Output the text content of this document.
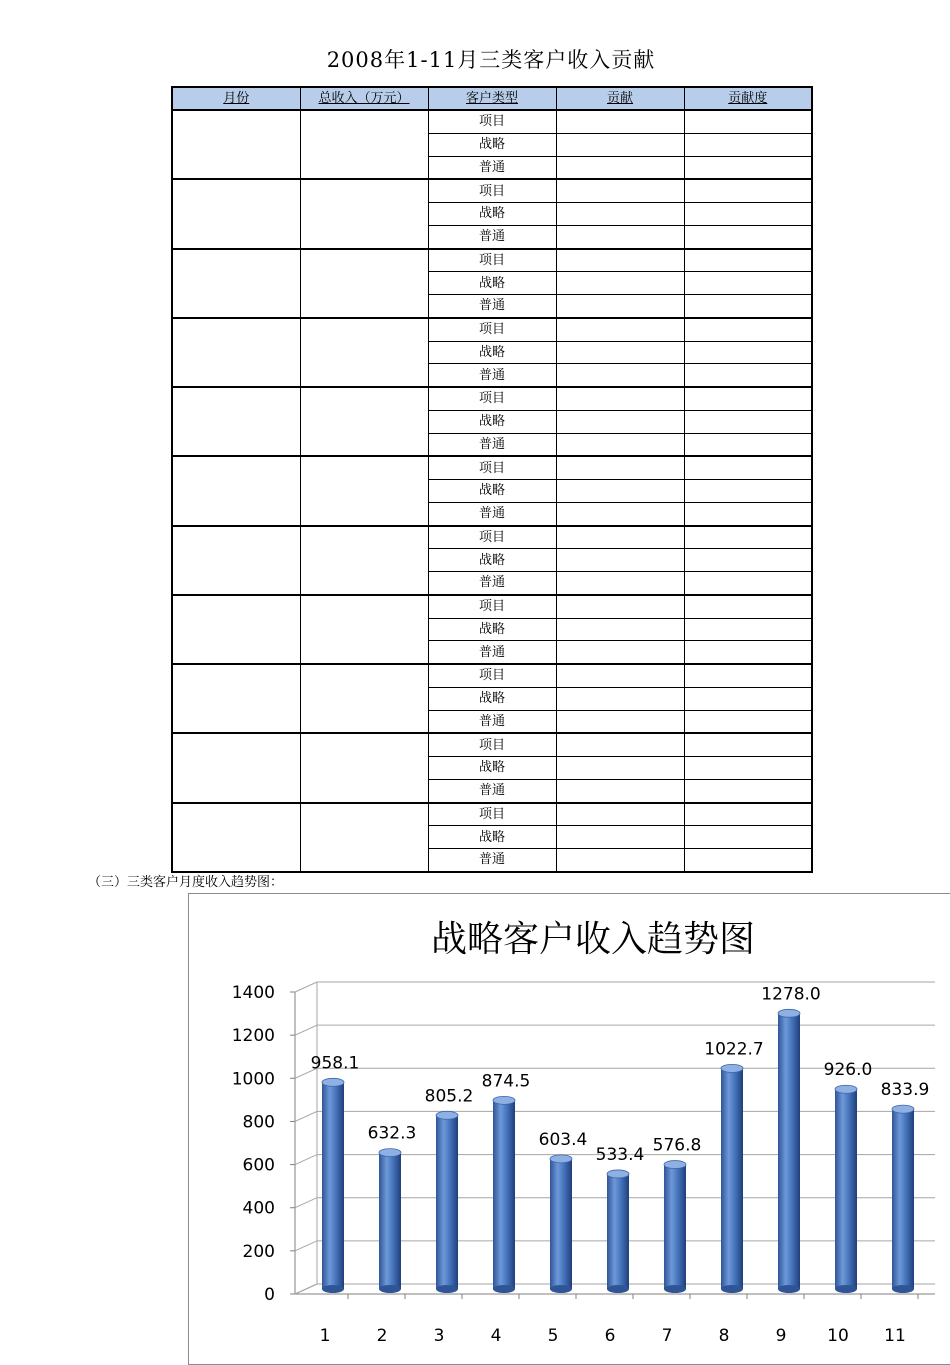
2008年1-11月三类客户收入贡献
月份	总收入（万元）	客户类型	贡献	贡献度
		项目		
		战略		
		普通		
		项目		
		战略		
		普通		
		项目		
		战略		
		普通		
		项目		
		战略		
		普通		
		项目		
		战略		
		普通		
		项目		
		战略		
		普通		
		项目		
		战略		
		普通		
		项目		
		战略		
		普通		
		项目		
		战略		
		普通		
		项目		
		战略		
		普通		
		项目		
		战略		
		普通		
（三）三类客户月度收入趋势图：
战略客户收入趋势图
0
200
400
600
800
1000
1200
1400
958.1
632.3
805.2
874.5
603.4
533.4 576.8
1022.7
1278.0
926.0
833.9
1	2	3	4	5	6	7	8	9 10 11
